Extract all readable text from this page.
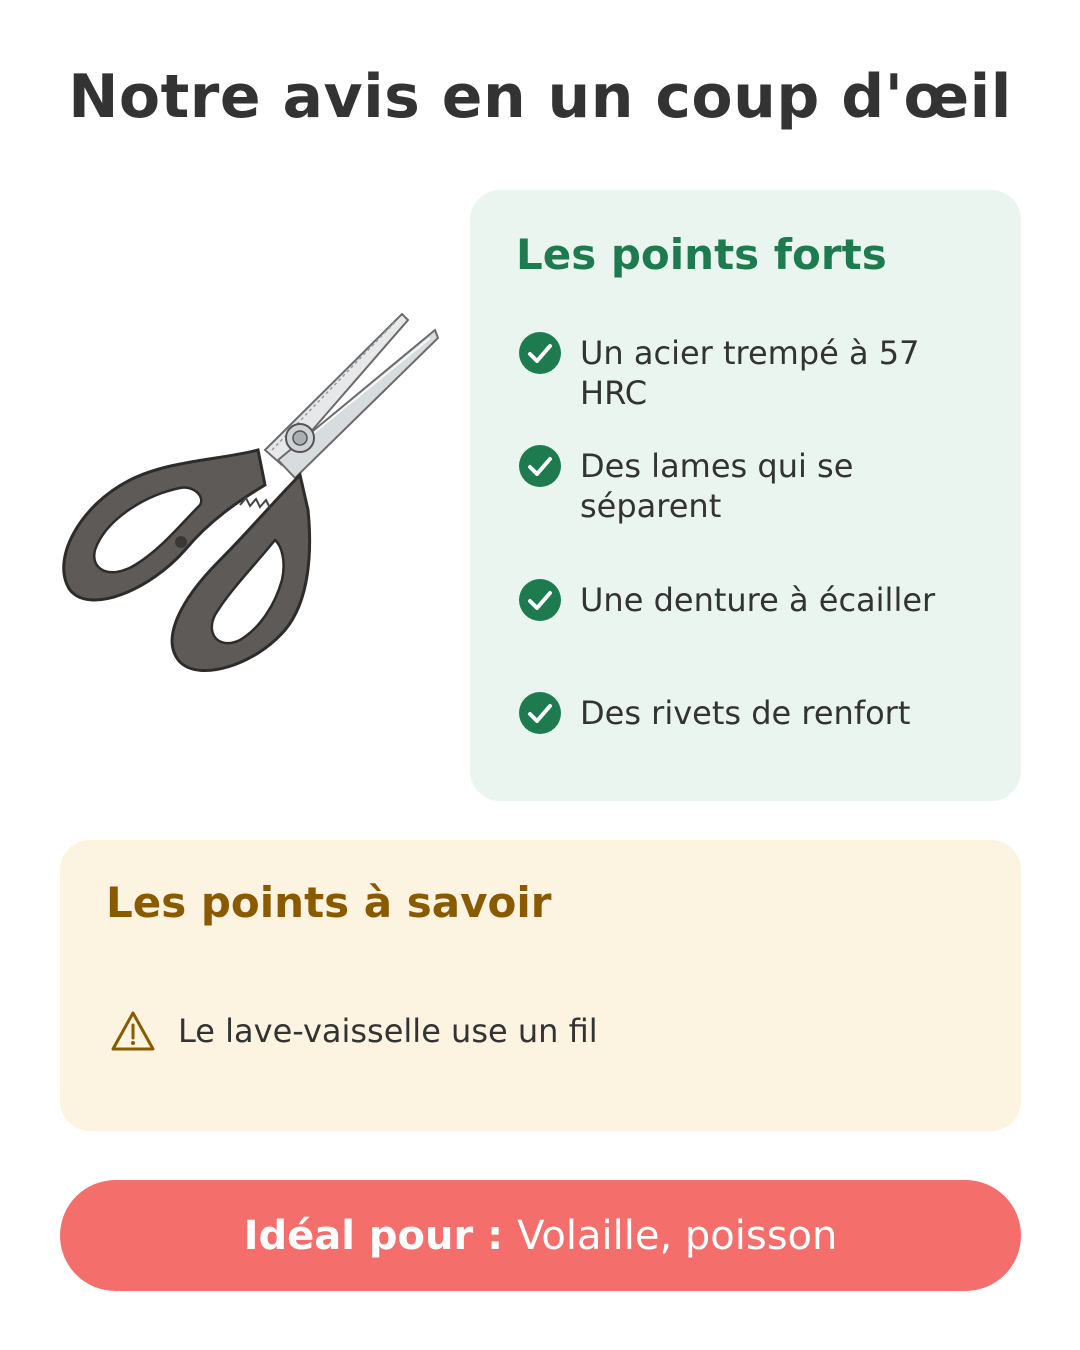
Notre avis en un coup d'œil
Les points forts
Un acier trempé à 57 HRC
Des lames qui se séparent
Une denture à écailler
Des rivets de renfort
Les points à savoir
Le lave-vaisselle use un fil
Idéal pour : Volaille, poisson
